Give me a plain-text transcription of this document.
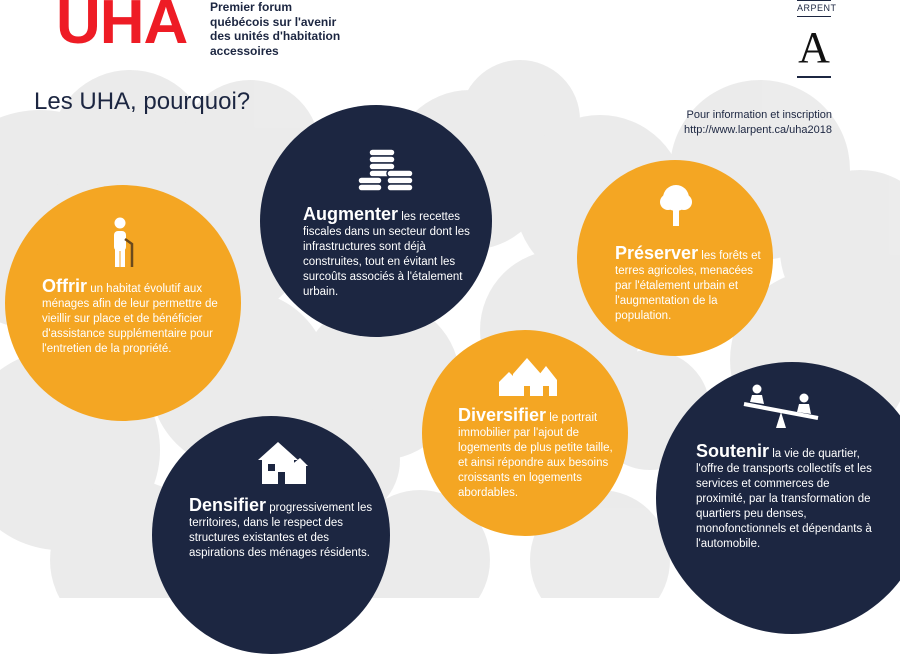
UHA Premier forum québécois sur l'avenir des unités d'habitation accessoires
ARPENT
A
Les UHA, pourquoi?	Pour information et inscription
http://www.larpent.ca/uha2018
Offrir un habitat évolutif aux ménages afin de leur permettre de vieillir sur place et de bénéficier d'assistance supplémentaire pour l'entretien de la propriété.
Augmenter les recettes fiscales dans un secteur dont les infrastructures sont déjà construites, tout en évitant les surcoûts associés à l'étalement urbain.
Préserver les forêts et terres agricoles, menacées par l'étalement urbain et l'augmentation de la population.
Diversifier le portrait immobilier par l'ajout de logements de plus petite taille, et ainsi répondre aux besoins croissants en logements abordables.
Densifier progressivement les territoires, dans le respect des structures existantes et des aspirations des ménages résidents.
Soutenir la vie de quartier, l'offre de transports collectifs et les services et commerces de proximité, par la transformation de quartiers peu denses, monofonctionnels et dépendants à l'automobile.
